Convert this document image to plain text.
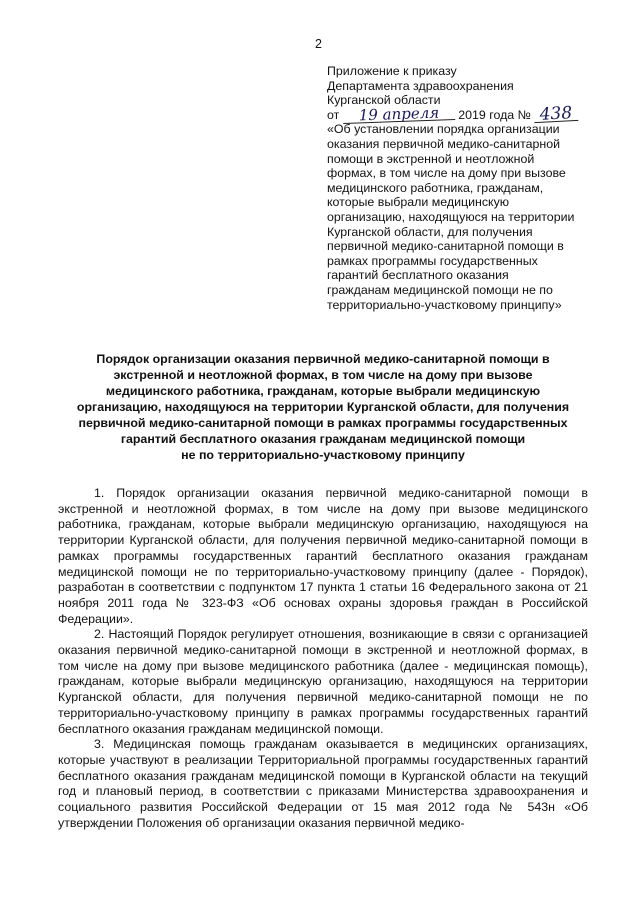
2
Приложение к приказу
Департамента здравоохранения
Курганской области
от 19 апреля 2019 года № 438
«Об установлении порядка организации
оказания первичной медико-санитарной
помощи в экстренной и неотложной
формах, в том числе на дому при вызове
медицинского работника, гражданам,
которые выбрали медицинскую
организацию, находящуюся на территории
Курганской области, для получения
первичной медико-санитарной помощи в
рамках программы государственных
гарантий бесплатного оказания
гражданам медицинской помощи не по
территориально-участковому принципу»
Порядок организации оказания первичной медико-санитарной помощи в
экстренной и неотложной формах, в том числе на дому при вызове
медицинского работника, гражданам, которые выбрали медицинскую
организацию, находящуюся на территории Курганской области, для получения
первичной медико-санитарной помощи в рамках программы государственных
гарантий бесплатного оказания гражданам медицинской помощи
не по территориально-участковому принципу

1. Порядок организации оказания первичной медико-санитарной помощи в экстренной и неотложной формах, в том числе на дому при вызове медицинского работника, гражданам, которые выбрали медицинскую организацию, находящуюся на территории Курганской области, для получения первичной медико-санитарной помощи в рамках программы государственных гарантий бесплатного оказания гражданам медицинской помощи не по территориально-участковому принципу (далее - Порядок), разработан в соответствии с подпунктом 17 пункта 1 статьи 16 Федерального закона от 21 ноября 2011 года № 323-ФЗ «Об основах охраны здоровья граждан в Российской Федерации».

2. Настоящий Порядок регулирует отношения, возникающие в связи с организацией оказания первичной медико-санитарной помощи в экстренной и неотложной формах, в том числе на дому при вызове медицинского работника (далее - медицинская помощь), гражданам, которые выбрали медицинскую организацию, находящуюся на территории Курганской области, для получения первичной медико-санитарной помощи не по территориально-участковому принципу в рамках программы государственных гарантий бесплатного оказания гражданам медицинской помощи.

3. Медицинская помощь гражданам оказывается в медицинских организациях, которые участвуют в реализации Территориальной программы государственных гарантий бесплатного оказания гражданам медицинской помощи в Курганской области на текущий год и плановый период, в соответствии с приказами Министерства здравоохранения и социального развития Российской Федерации от 15 мая 2012 года № 543н «Об утверждении Положения об организации оказания первичной медико-
